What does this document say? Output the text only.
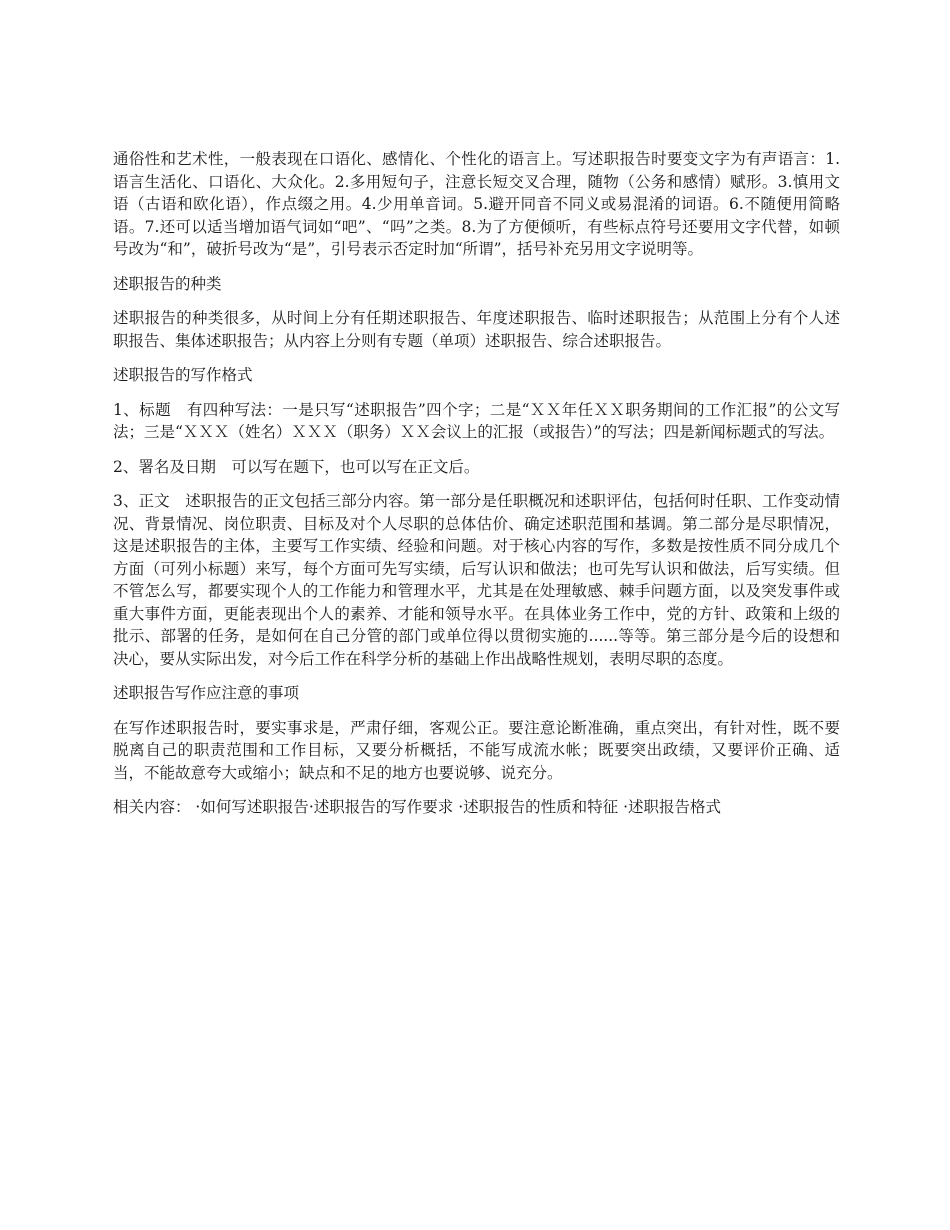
通俗性和艺术性，一般表现在口语化、感情化、个性化的语言上。写述职报告时要变文字为有声语言：1.语言生活化、口语化、大众化。2.多用短句子，注意长短交叉合理，随物（公务和感情）赋形。3.慎用文语（古语和欧化语），作点缀之用。4.少用单音词。5.避开同音不同义或易混淆的词语。6.不随便用简略语。7.还可以适当增加语气词如“吧”、“吗”之类。8.为了方便倾听，有些标点符号还要用文字代替，如顿号改为“和”，破折号改为“是”，引号表示否定时加“所谓”，括号补充另用文字说明等。

述职报告的种类

述职报告的种类很多，从时间上分有任期述职报告、年度述职报告、临时述职报告；从范围上分有个人述职报告、集体述职报告；从内容上分则有专题（单项）述职报告、综合述职报告。

述职报告的写作格式

1、标题　有四种写法：一是只写“述职报告”四个字；二是“ＸＸ年任ＸＸ职务期间的工作汇报”的公文写法；三是“ＸＸＸ（姓名）ＸＸＸ（职务）ＸＸ会议上的汇报（或报告）”的写法；四是新闻标题式的写法。

2、署名及日期　可以写在题下，也可以写在正文后。

3、正文　述职报告的正文包括三部分内容。第一部分是任职概况和述职评估，包括何时任职、工作变动情况、背景情况、岗位职责、目标及对个人尽职的总体估价、确定述职范围和基调。第二部分是尽职情况，这是述职报告的主体，主要写工作实绩、经验和问题。对于核心内容的写作，多数是按性质不同分成几个方面（可列小标题）来写，每个方面可先写实绩，后写认识和做法；也可先写认识和做法，后写实绩。但不管怎么写，都要实现个人的工作能力和管理水平，尤其是在处理敏感、棘手问题方面，以及突发事件或重大事件方面，更能表现出个人的素养、才能和领导水平。在具体业务工作中，党的方针、政策和上级的批示、部署的任务，是如何在自己分管的部门或单位得以贯彻实施的......等等。第三部分是今后的设想和决心，要从实际出发，对今后工作在科学分析的基础上作出战略性规划，表明尽职的态度。

述职报告写作应注意的事项

在写作述职报告时，要实事求是，严肃仔细，客观公正。要注意论断准确，重点突出，有针对性，既不要脱离自己的职责范围和工作目标，又要分析概括，不能写成流水帐；既要突出政绩，又要评价正确、适当，不能故意夸大或缩小；缺点和不足的地方也要说够、说充分。

相关内容： ·如何写述职报告·述职报告的写作要求 ·述职报告的性质和特征 ·述职报告格式
